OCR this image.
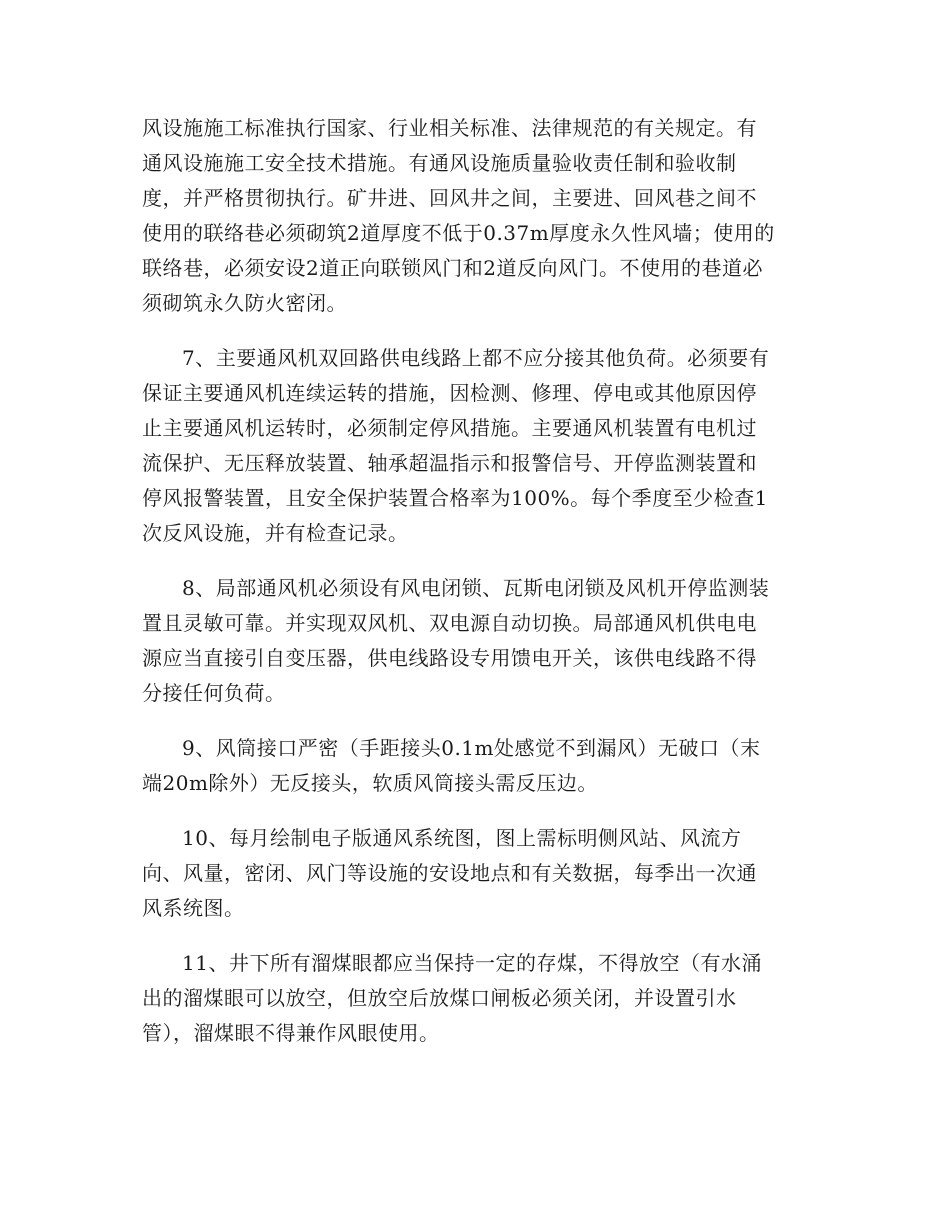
风设施施工标准执行国家、行业相关标准、法律规范的有关规定。有
通风设施施工安全技术措施。有通风设施质量验收责任制和验收制
度，并严格贯彻执行。矿井进、回风井之间，主要进、回风巷之间不
使用的联络巷必须砌筑2道厚度不低于0.37m厚度永久性风墙；使用的
联络巷，必须安设2道正向联锁风门和2道反向风门。不使用的巷道必
须砌筑永久防火密闭。
7、主要通风机双回路供电线路上都不应分接其他负荷。必须要有
保证主要通风机连续运转的措施，因检测、修理、停电或其他原因停
止主要通风机运转时，必须制定停风措施。主要通风机装置有电机过
流保护、无压释放装置、轴承超温指示和报警信号、开停监测装置和
停风报警装置，且安全保护装置合格率为100%。每个季度至少检查1
次反风设施，并有检查记录。
8、局部通风机必须设有风电闭锁、瓦斯电闭锁及风机开停监测装
置且灵敏可靠。并实现双风机、双电源自动切换。局部通风机供电电
源应当直接引自变压器，供电线路设专用馈电开关，该供电线路不得
分接任何负荷。
9、风筒接口严密（手距接头0.1m处感觉不到漏风）无破口（末
端20m除外）无反接头，软质风筒接头需反压边。
10、每月绘制电子版通风系统图，图上需标明侧风站、风流方
向、风量，密闭、风门等设施的安设地点和有关数据，每季出一次通
风系统图。
11、井下所有溜煤眼都应当保持一定的存煤，不得放空（有水涌
出的溜煤眼可以放空，但放空后放煤口闸板必须关闭，并设置引水
管），溜煤眼不得兼作风眼使用。
